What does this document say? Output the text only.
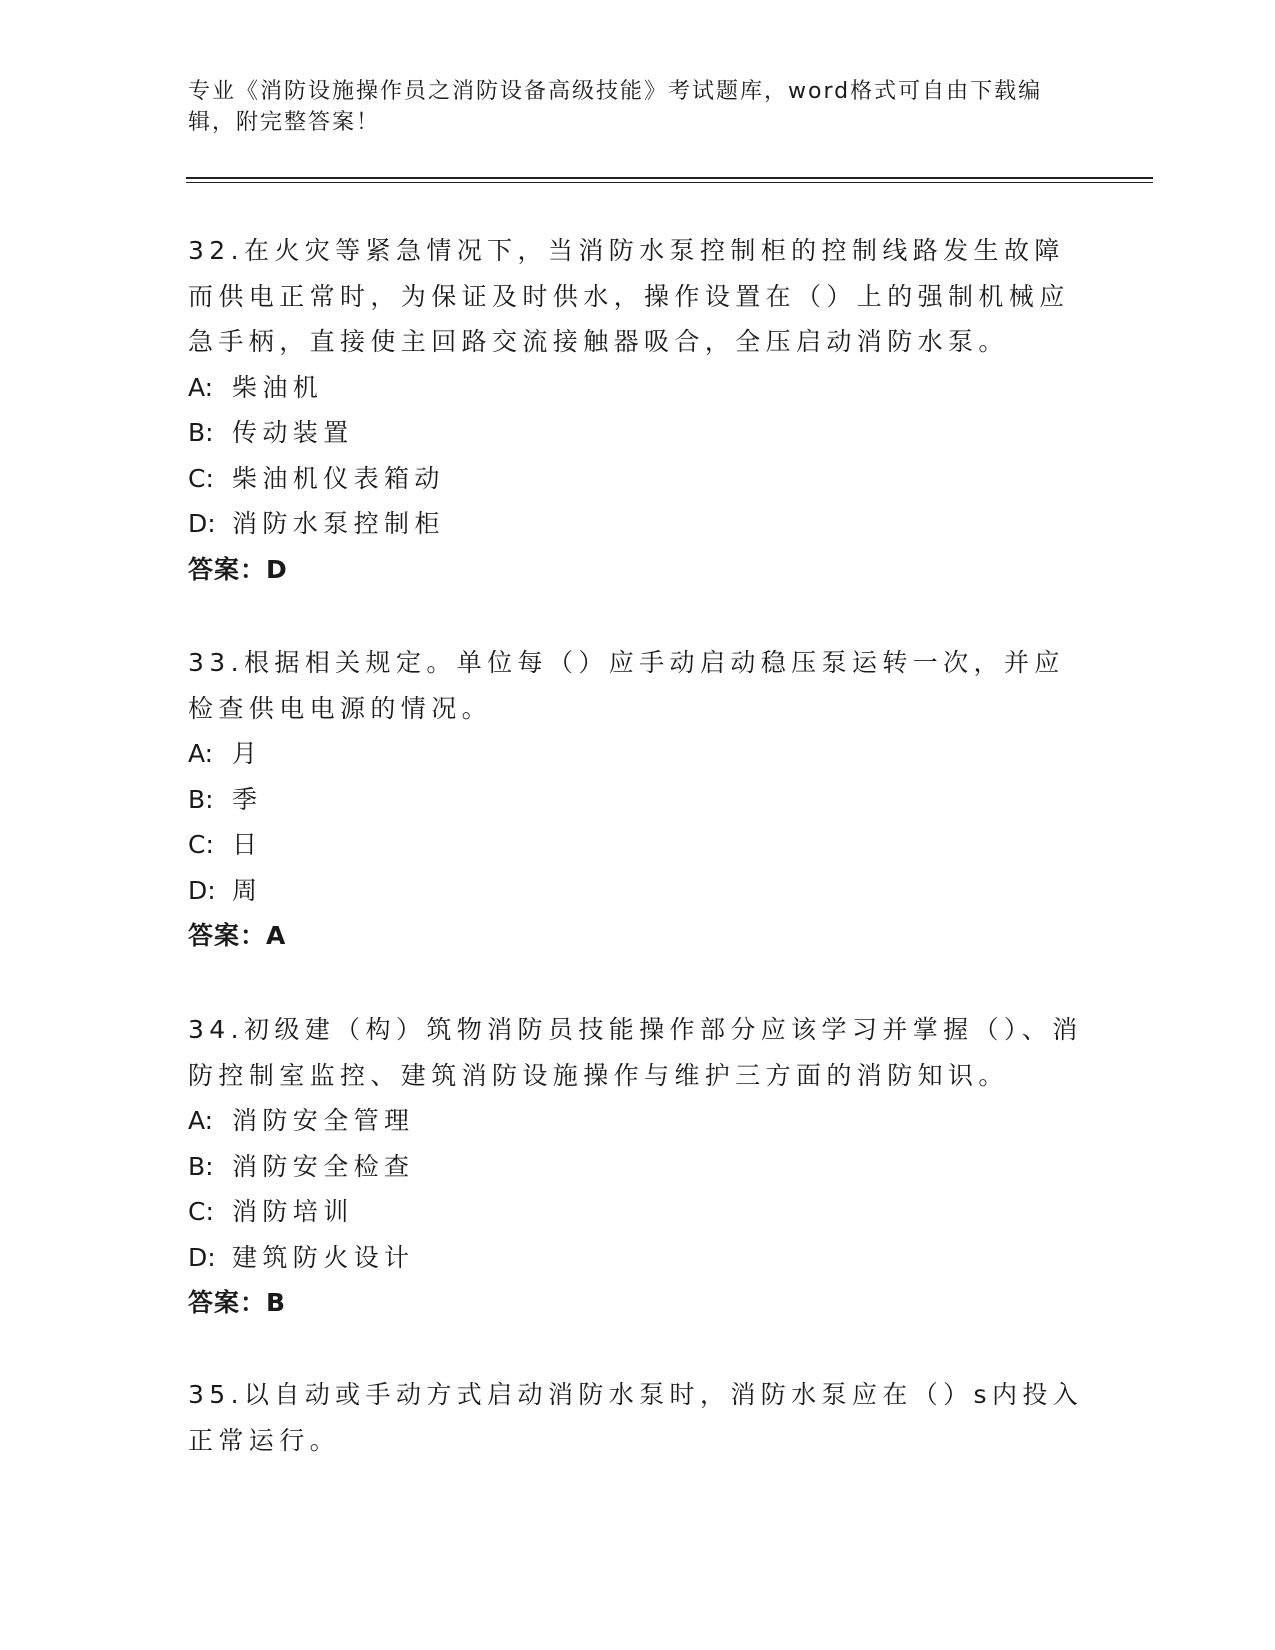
专业《消防设施操作员之消防设备高级技能》考试题库，word格式可自由下载编辑，附完整答案！
32.在火灾等紧急情况下，当消防水泵控制柜的控制线路发生故障而供电正常时，为保证及时供水，操作设置在（）上的强制机械应急手柄，直接使主回路交流接触器吸合，全压启动消防水泵。
A: 柴油机
B: 传动装置
C: 柴油机仪表箱动
D: 消防水泵控制柜
答案：D
33.根据相关规定。单位每（）应手动启动稳压泵运转一次，并应检查供电电源的情况。
A: 月
B: 季
C: 日
D: 周
答案：A
34.初级建（构）筑物消防员技能操作部分应该学习并掌握（）、消防控制室监控、建筑消防设施操作与维护三方面的消防知识。
A: 消防安全管理
B: 消防安全检查
C: 消防培训
D: 建筑防火设计
答案：B
35.以自动或手动方式启动消防水泵时，消防水泵应在（）s内投入正常运行。
